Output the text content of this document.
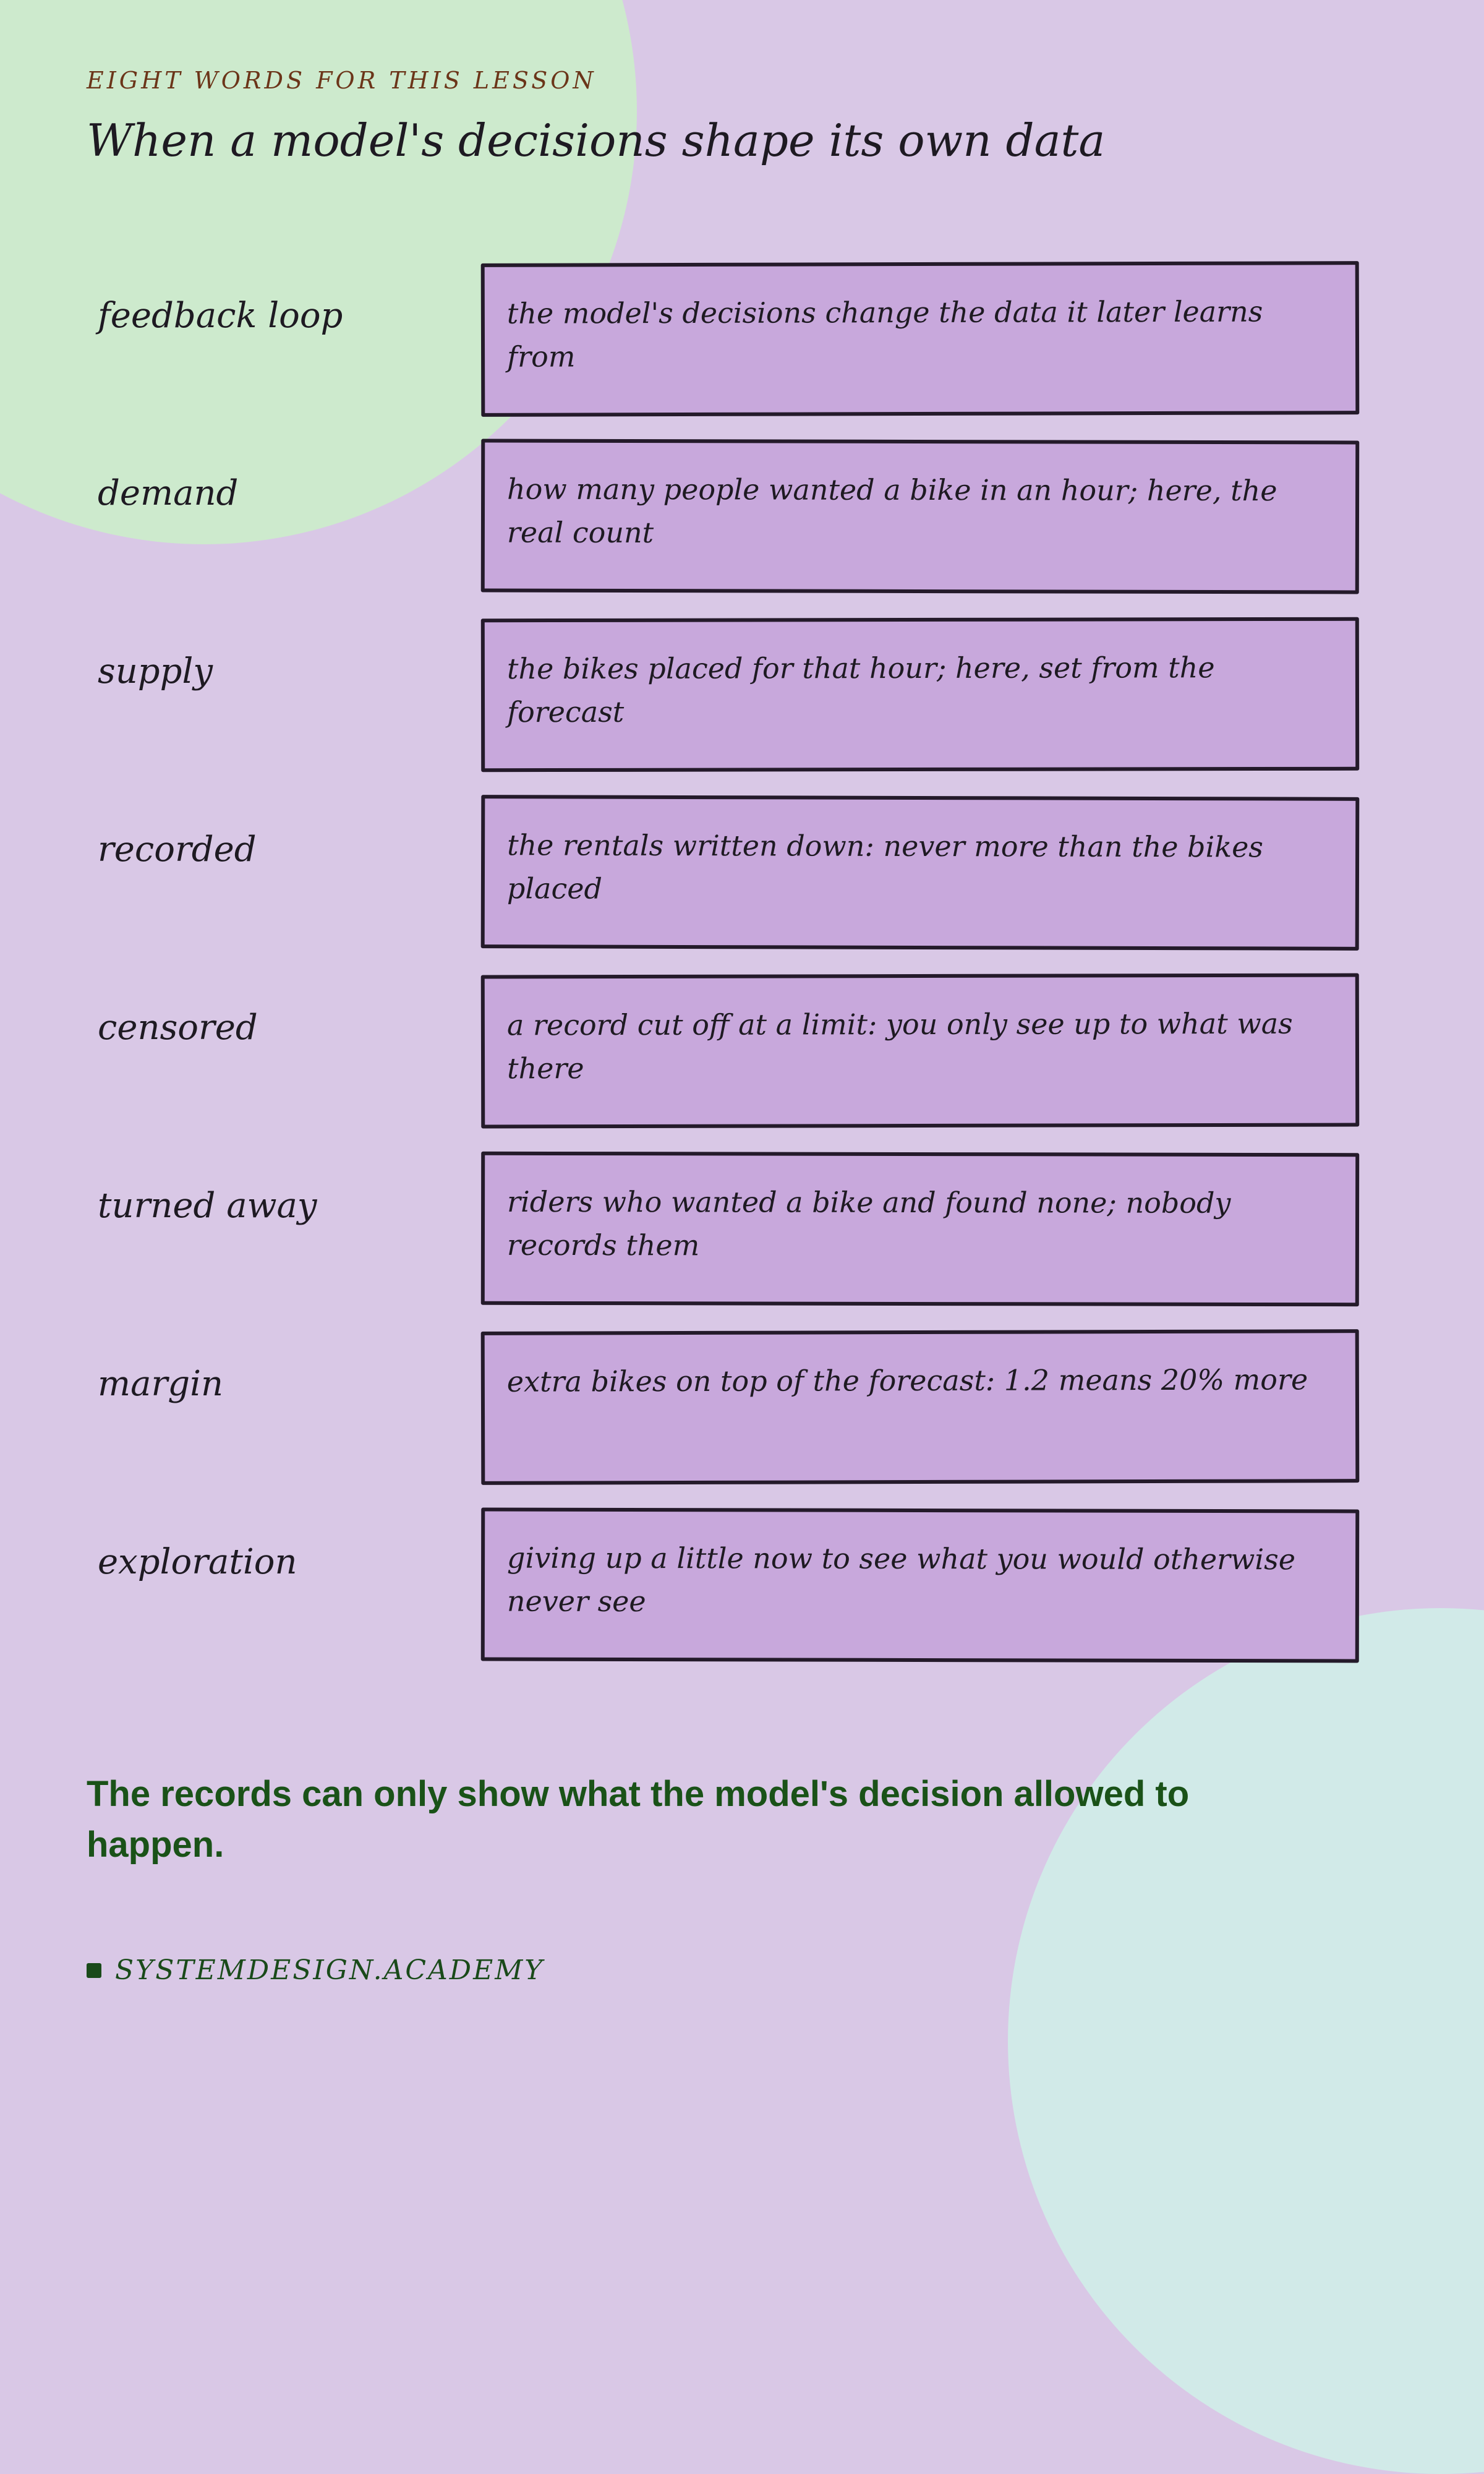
EIGHT WORDS FOR THIS LESSON
When a model's decisions shape its own data
feedback loop	the model's decisions change the data it later learns from
demand	how many people wanted a bike in an hour; here, the real count
supply	the bikes placed for that hour; here, set from the forecast
recorded	the rentals written down: never more than the bikes placed
censored	a record cut off at a limit: you only see up to what was there
turned away	riders who wanted a bike and found none; nobody records them
margin	extra bikes on top of the forecast: 1.2 means 20% more
exploration	giving up a little now to see what you would otherwise never see

The records can only show what the model's decision allowed to happen.

SYSTEMDESIGN.ACADEMY
